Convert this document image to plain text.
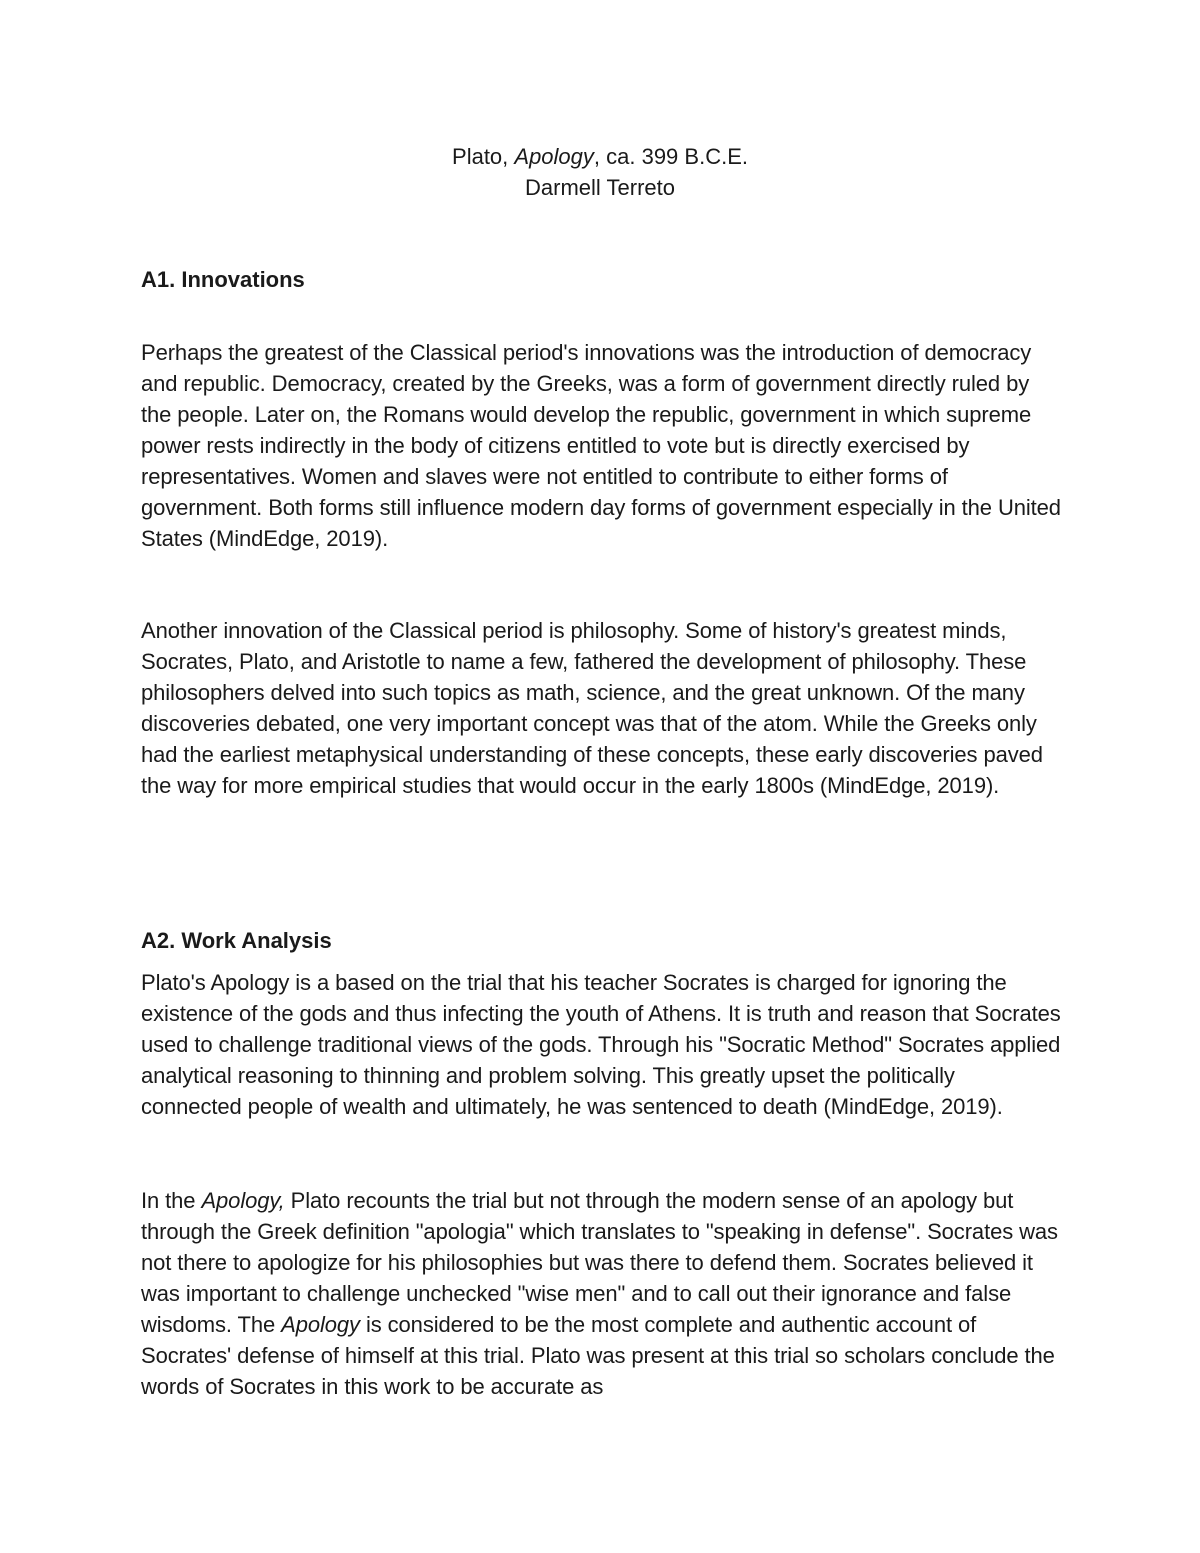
Plato, Apology, ca. 399 B.C.E.
Darmell Terreto
A1. Innovations

Perhaps the greatest of the Classical period's innovations was the introduction of democracy and republic. Democracy, created by the Greeks, was a form of government directly ruled by the people. Later on, the Romans would develop the republic, government in which supreme power rests indirectly in the body of citizens entitled to vote but is directly exercised by representatives. Women and slaves were not entitled to contribute to either forms of government. Both forms still influence modern day forms of government especially in the United States (MindEdge, 2019).

Another innovation of the Classical period is philosophy. Some of history's greatest minds, Socrates, Plato, and Aristotle to name a few, fathered the development of philosophy. These philosophers delved into such topics as math, science, and the great unknown. Of the many discoveries debated, one very important concept was that of the atom. While the Greeks only had the earliest metaphysical understanding of these concepts, these early discoveries paved the way for more empirical studies that would occur in the early 1800s (MindEdge, 2019).

A2. Work Analysis

Plato's Apology is a based on the trial that his teacher Socrates is charged for ignoring the existence of the gods and thus infecting the youth of Athens. It is truth and reason that Socrates used to challenge traditional views of the gods. Through his "Socratic Method" Socrates applied analytical reasoning to thinning and problem solving. This greatly upset the politically connected people of wealth and ultimately, he was sentenced to death (MindEdge, 2019).

In the Apology, Plato recounts the trial but not through the modern sense of an apology but through the Greek definition "apologia" which translates to "speaking in defense". Socrates was not there to apologize for his philosophies but was there to defend them. Socrates believed it was important to challenge unchecked "wise men" and to call out their ignorance and false wisdoms. The Apology is considered to be the most complete and authentic account of Socrates' defense of himself at this trial. Plato was present at this trial so scholars conclude the words of Socrates in this work to be accurate as
